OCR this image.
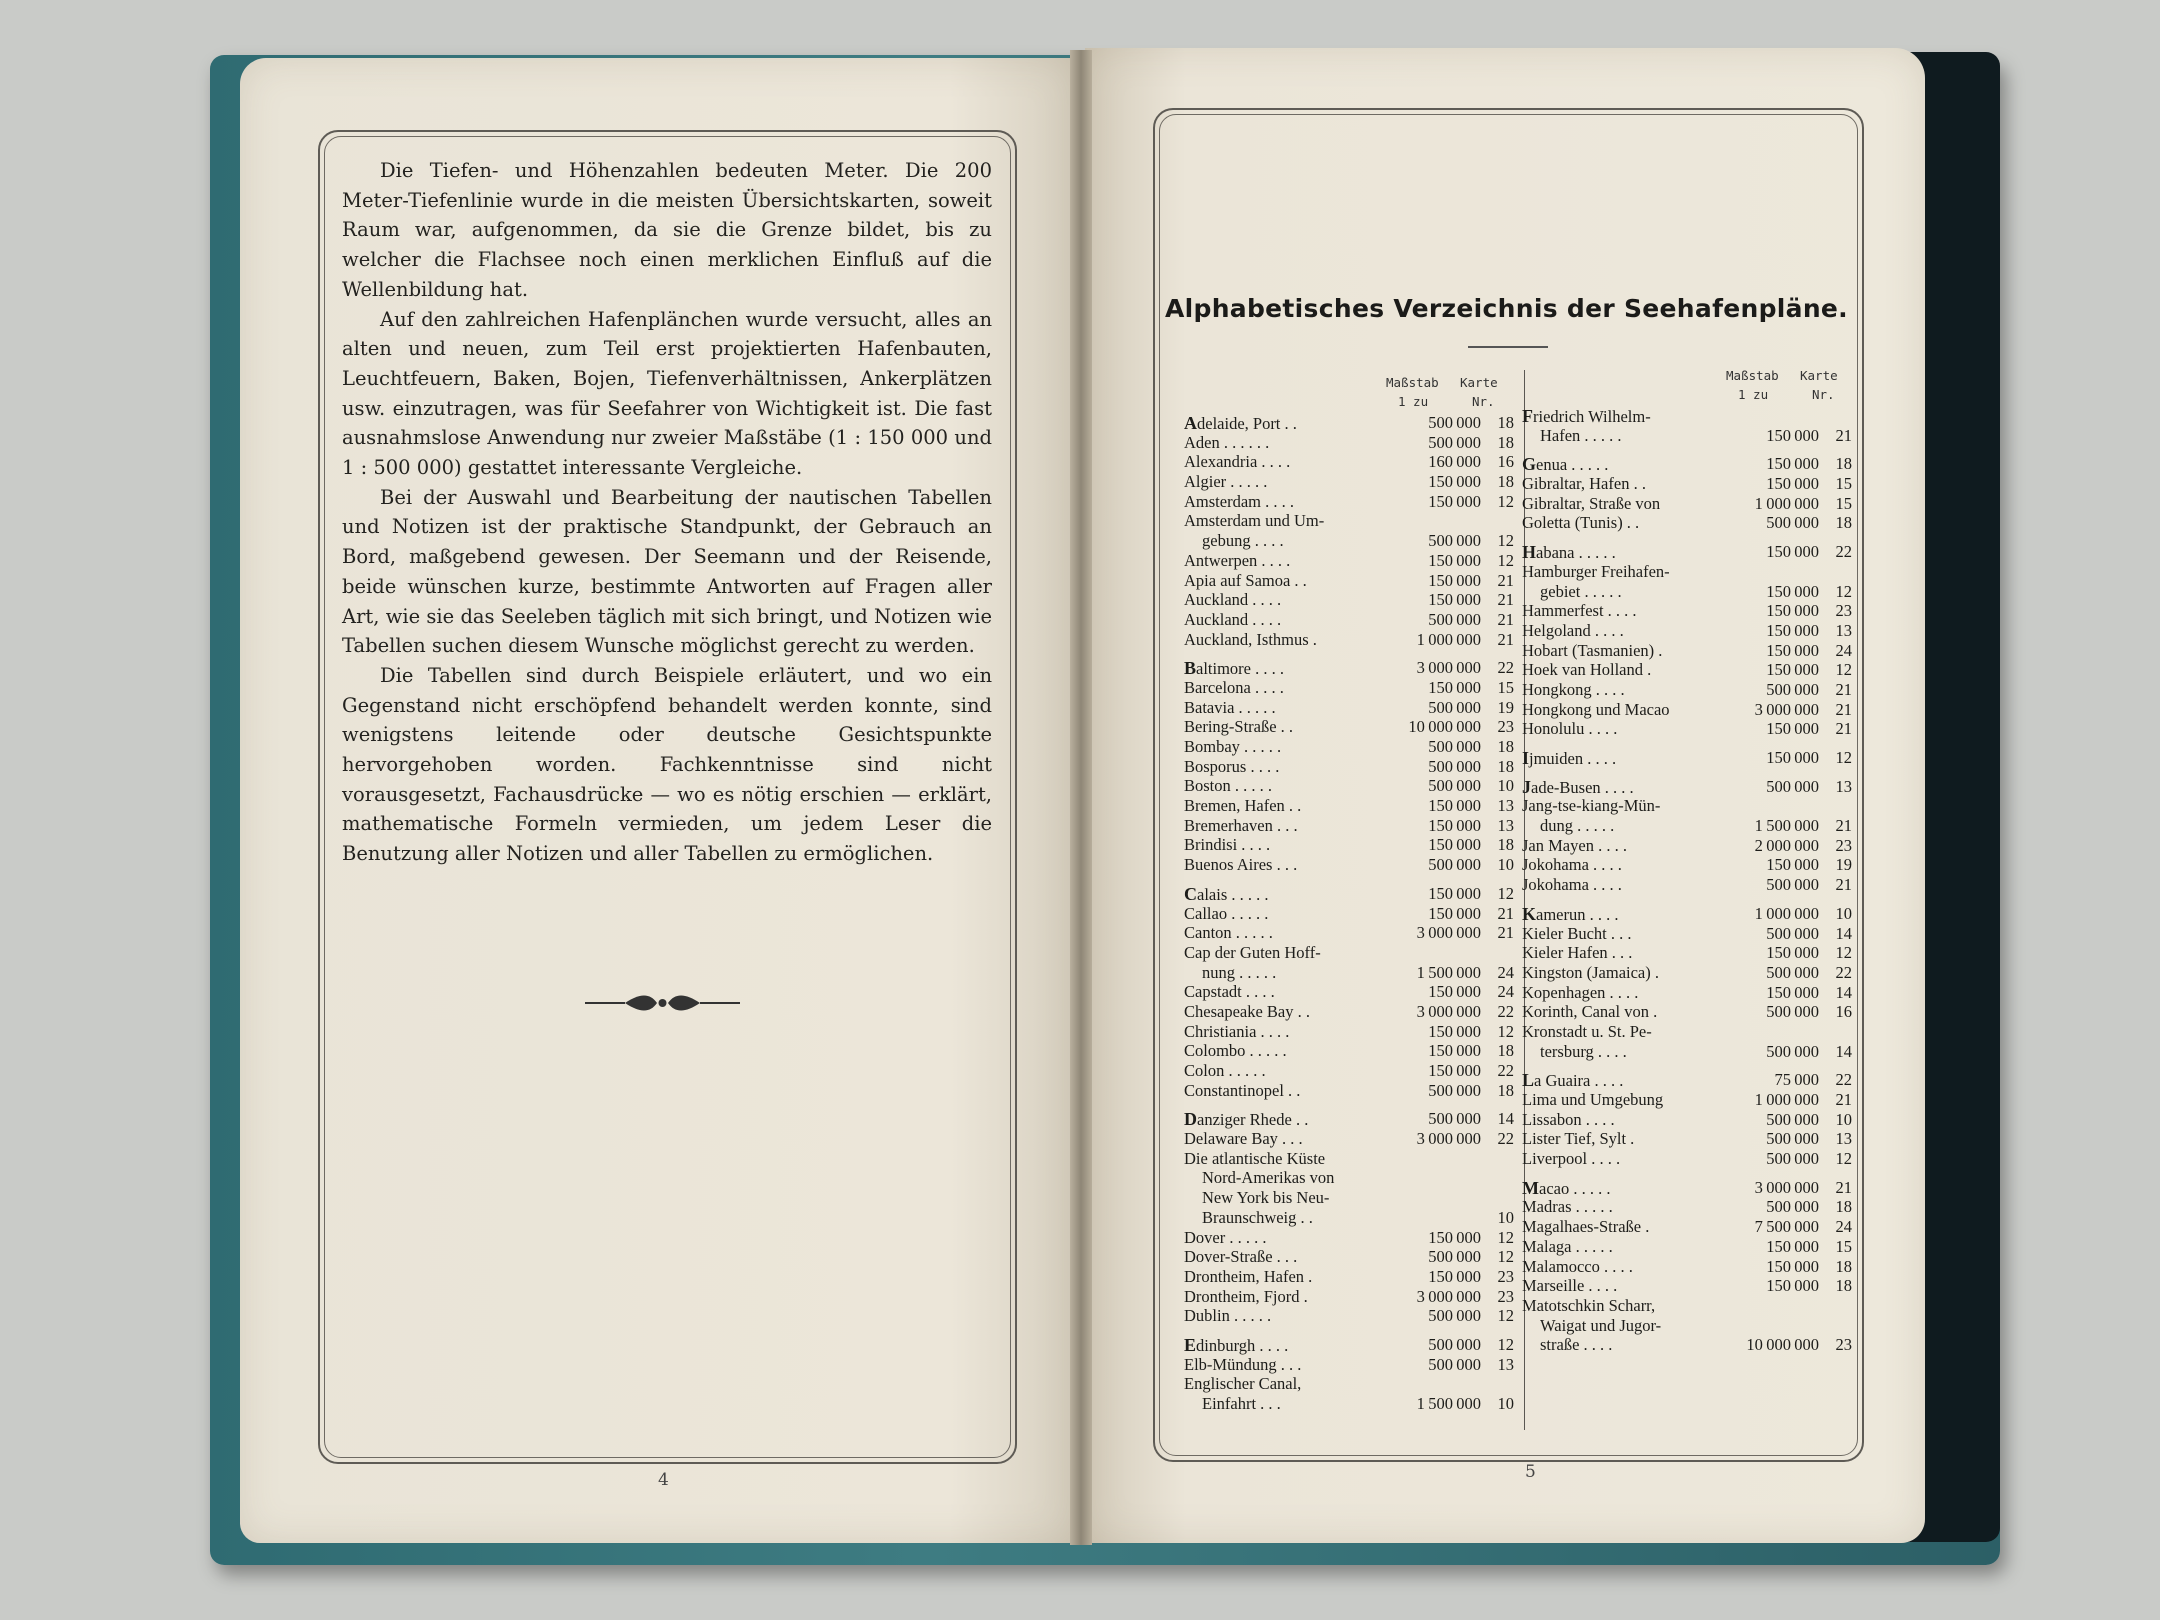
Die Tiefen- und Höhenzahlen bedeuten Meter. Die 200 Meter-Tiefenlinie wurde in die meisten Übersichtskarten, soweit Raum war, aufgenommen, da sie die Grenze bildet, bis zu welcher die Flachsee noch einen merklichen Einfluß auf die Wellenbildung hat.

Auf den zahlreichen Hafenplänchen wurde versucht, alles an alten und neuen, zum Teil erst projektierten Hafenbauten, Leuchtfeuern, Baken, Bojen, Tiefenverhältnissen, Ankerplätzen usw. einzutragen, was für Seefahrer von Wichtigkeit ist. Die fast ausnahmslose Anwendung nur zweier Maßstäbe (1 : 150 000 und 1 : 500 000) gestattet interessante Vergleiche.

Bei der Auswahl und Bearbeitung der nautischen Tabellen und Notizen ist der praktische Standpunkt, der Gebrauch an Bord, maßgebend gewesen. Der Seemann und der Reisende, beide wünschen kurze, bestimmte Antworten auf Fragen aller Art, wie sie das Seeleben täglich mit sich bringt, und Notizen wie Tabellen suchen diesem Wunsche möglichst gerecht zu werden.

Die Tabellen sind durch Beispiele erläutert, und wo ein Gegenstand nicht erschöpfend behandelt werden konnte, sind wenigstens leitende oder deutsche Gesichtspunkte hervorgehoben worden. Fachkenntnisse sind nicht vorausgesetzt, Fachausdrücke — wo es nötig erschien — erklärt, mathematische Formeln vermieden, um jedem Leser die Benutzung aller Notizen und aller Tabellen zu ermöglichen.

4	5
Alphabetisches Verzeichnis der Seehafenpläne.
Maßstab
1 zu
Karte
Nr.
Maßstab
1 zu
Karte
Nr.
Adelaide, Port . .	500 000	18
Aden . . . . . .	500 000	18
Alexandria . . . .	160 000	16
Algier . . . . .	150 000	18
Amsterdam . . . .	150 000	12
Amsterdam und Um-
gebung . . . .	500 000	12
Antwerpen . . . .	150 000	12
Apia auf Samoa . .	150 000	21
Auckland . . . .	150 000	21
Auckland . . . .	500 000	21
Auckland, Isthmus .	1 000 000	21
Baltimore . . . .	3 000 000	22
Barcelona . . . .	150 000	15
Batavia . . . . .	500 000	19
Bering-Straße . .	10 000 000	23
Bombay . . . . .	500 000	18
Bosporus . . . .	500 000	18
Boston . . . . .	500 000	10
Bremen, Hafen . .	150 000	13
Bremerhaven . . .	150 000	13
Brindisi . . . .	150 000	18
Buenos Aires . . .	500 000	10
Calais . . . . .	150 000	12
Callao . . . . .	150 000	21
Canton . . . . .	3 000 000	21
Cap der Guten Hoff-
nung . . . . .	1 500 000	24
Capstadt . . . .	150 000	24
Chesapeake Bay . .	3 000 000	22
Christiania . . . .	150 000	12
Colombo . . . . .	150 000	18
Colon . . . . .	150 000	22
Constantinopel . .	500 000	18
Danziger Rhede . .	500 000	14
Delaware Bay . . .	3 000 000	22
Die atlantische Küste
Nord-Amerikas von
New York bis Neu-
Braunschweig . .	10
Dover . . . . .	150 000	12
Dover-Straße . . .	500 000	12
Drontheim, Hafen .	150 000	23
Drontheim, Fjord .	3 000 000	23
Dublin . . . . .	500 000	12
Edinburgh . . . .	500 000	12
Elb-Mündung . . .	500 000	13
Englischer Canal,
Einfahrt . . .	1 500 000	10
Friedrich Wilhelm-
Hafen . . . . .	150 000	21
Genua . . . . .	150 000	18
Gibraltar, Hafen . .	150 000	15
Gibraltar, Straße von	1 000 000	15
Goletta (Tunis) . .	500 000	18
Habana . . . . .	150 000	22
Hamburger Freihafen-
gebiet . . . . .	150 000	12
Hammerfest . . . .	150 000	23
Helgoland . . . .	150 000	13
Hobart (Tasmanien) .	150 000	24
Hoek van Holland .	150 000	12
Hongkong . . . .	500 000	21
Hongkong und Macao	3 000 000	21
Honolulu . . . .	150 000	21
Ijmuiden . . . .	150 000	12
Jade-Busen . . . .	500 000	13
Jang-tse-kiang-Mün-
dung . . . . .	1 500 000	21
Jan Mayen . . . .	2 000 000	23
Jokohama . . . .	150 000	19
Jokohama . . . .	500 000	21
Kamerun . . . .	1 000 000	10
Kieler Bucht . . .	500 000	14
Kieler Hafen . . .	150 000	12
Kingston (Jamaica) .	500 000	22
Kopenhagen . . . .	150 000	14
Korinth, Canal von .	500 000	16
Kronstadt u. St. Pe-
tersburg . . . .	500 000	14
La Guaira . . . .	75 000	22
Lima und Umgebung	1 000 000	21
Lissabon . . . .	500 000	10
Lister Tief, Sylt .	500 000	13
Liverpool . . . .	500 000	12
Macao . . . . .	3 000 000	21
Madras . . . . .	500 000	18
Magalhaes-Straße .	7 500 000	24
Malaga . . . . .	150 000	15
Malamocco . . . .	150 000	18
Marseille . . . .	150 000	18
Matotschkin Scharr,
Waigat und Jugor-
straße . . . .	10 000 000	23
